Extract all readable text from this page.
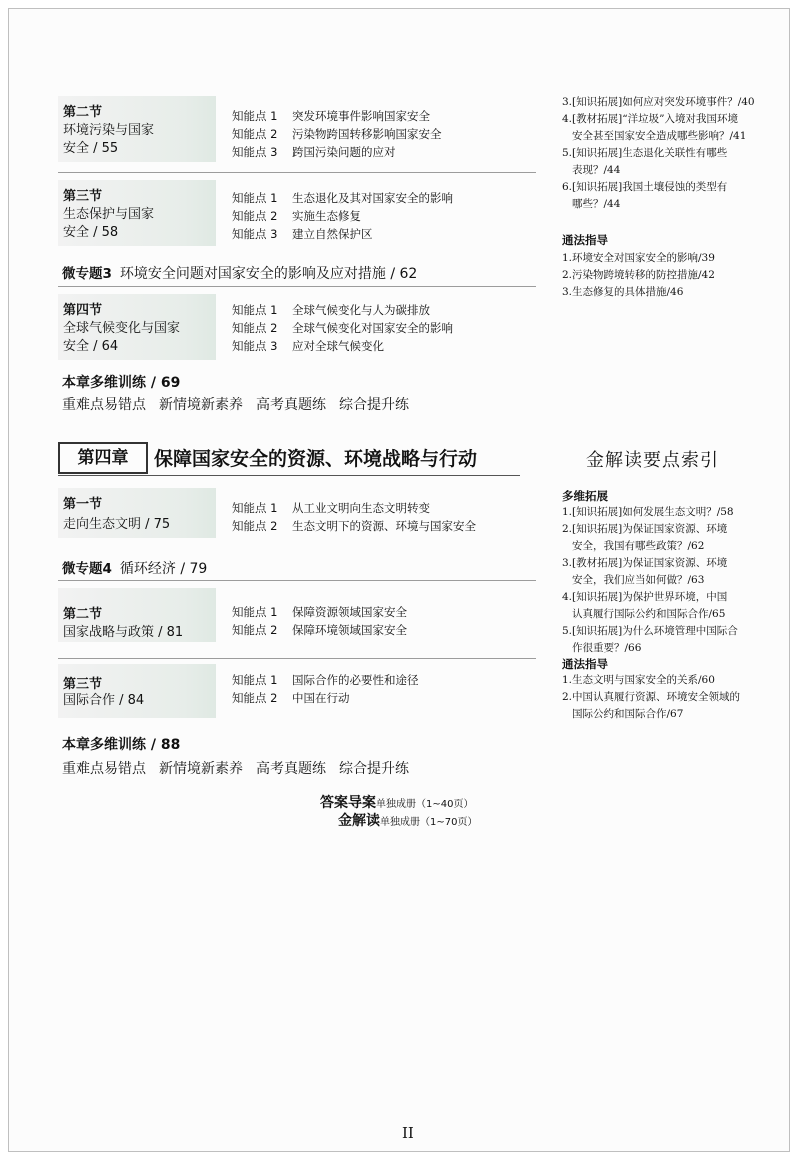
第二节
环境污染与国家
安全 / 55
知能点 1 突发环境事件影响国家安全
知能点 2 污染物跨国转移影响国家安全
知能点 3 跨国污染问题的应对
第三节
生态保护与国家
安全 / 58
知能点 1 生态退化及其对国家安全的影响
知能点 2 实施生态修复
知能点 3 建立自然保护区
微专题3 环境安全问题对国家安全的影响及应对措施 / 62
第四节
全球气候变化与国家
安全 / 64
知能点 1 全球气候变化与人为碳排放
知能点 2 全球气候变化对国家安全的影响
知能点 3 应对全球气候变化
本章多维训练 / 69
重难点易错点 新情境新素养 高考真题练 综合提升练
3.[知识拓展]如何应对突发环境事件？/40
4.[教材拓展]“洋垃圾”入境对我国环境
安全甚至国家安全造成哪些影响？/41
5.[知识拓展]生态退化关联性有哪些
表现？/44
6.[知识拓展]我国土壤侵蚀的类型有
哪些？/44
通法指导
1.环境安全对国家安全的影响/39
2.污染物跨境转移的防控措施/42
3.生态修复的具体措施/46
第四章	保障国家安全的资源、环境战略与行动	金解读要点索引
第一节
走向生态文明 / 75
知能点 1 从工业文明向生态文明转变
知能点 2 生态文明下的资源、环境与国家安全
微专题4 循环经济 / 79
第二节
国家战略与政策 / 81
知能点 1 保障资源领域国家安全
知能点 2 保障环境领域国家安全
第三节
国际合作 / 84
知能点 1 国际合作的必要性和途径
知能点 2 中国在行动
本章多维训练 / 88
重难点易错点 新情境新素养 高考真题练 综合提升练
多维拓展
1.[知识拓展]如何发展生态文明？/58
2.[知识拓展]为保证国家资源、环境
安全，我国有哪些政策？/62
3.[教材拓展]为保证国家资源、环境
安全，我们应当如何做？/63
4.[知识拓展]为保护世界环境，中国
认真履行国际公约和国际合作/65
5.[知识拓展]为什么环境管理中国际合
作很重要？/66
通法指导
1.生态文明与国家安全的关系/60
2.中国认真履行资源、环境安全领域的
国际公约和国际合作/67
答案导案单独成册（1~40页）
金解读单独成册（1~70页）
II
